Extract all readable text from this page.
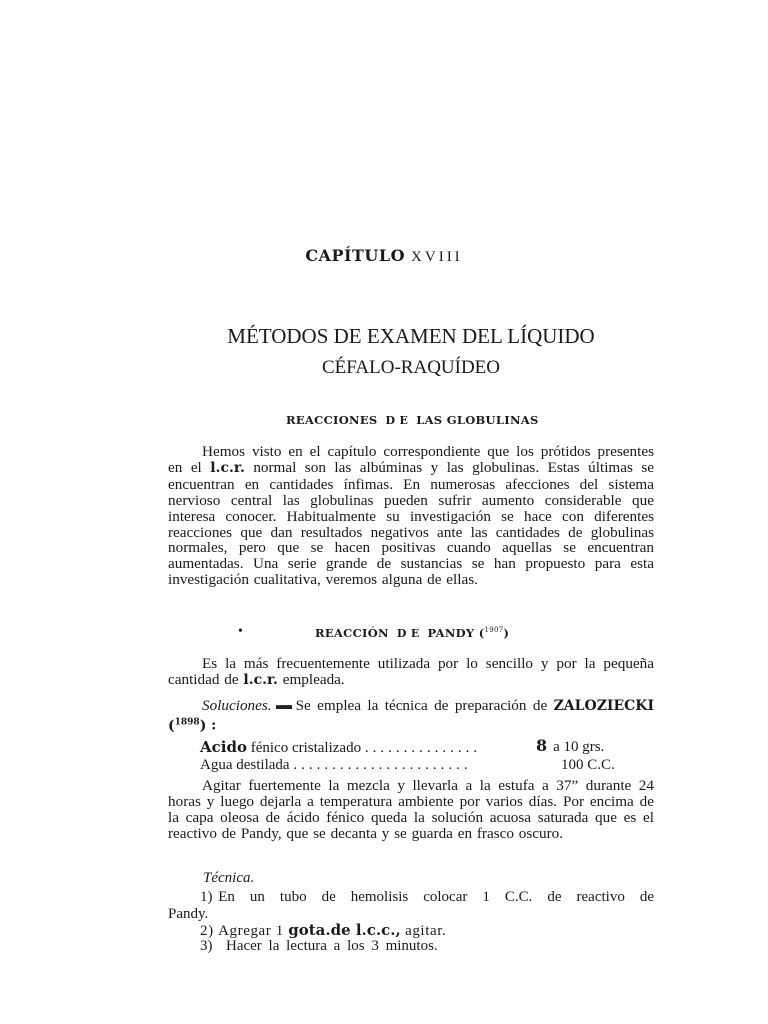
CAPÍTULO XVIII
MÉTODOS DE EXAMEN DEL LÍQUIDO
CÉFALO-RAQUÍDEO
REACCIONES D E LAS GLOBULINAS
Hemos visto en el capítulo correspondiente que los prótidos presentes en el l.c.r. normal son las albúminas y las globulinas. Estas últimas se encuentran en cantidades ínfimas. En numerosas afecciones del sistema nervioso central las globulinas pueden sufrir aumento considerable que interesa conocer. Habitualmente su investigación se hace con diferentes reacciones que dan resultados negativos ante las cantidades de globulinas normales, pero que se hacen positivas cuando aquellas se encuentran aumentadas. Una serie grande de sustancias se han propuesto para esta investigación cualitativa, veremos alguna de ellas.
•	REACCIÓN D E PANDY ($^{1907}$)
Es la más frecuentemente utilizada por lo sencillo y por la pequeña cantidad de l.c.r. empleada.
Soluciones. Se emplea la técnica de preparación de ZALOZIECKI ($^{1898}$) :
Acido fénico cristalizado ...............	8 a 10 grs.
Agua destilada .......................	100 C.C.
Agitar fuertemente la mezcla y llevarla a la estufa a 37” durante 24 horas y luego dejarla a temperatura ambiente por varios días. Por encima de la capa oleosa de ácido fénico queda la solución acuosa saturada que es el reactivo de Pandy, que se decanta y se guarda en frasco oscuro.
Técnica.
1)
En un tubo de hemolisis colocar 1 C.C. de reactivo de
Pandy.
2) Agregar 1 gota.de l.c.c., agitar.
3) Hacer la lectura a los 3 minutos.
